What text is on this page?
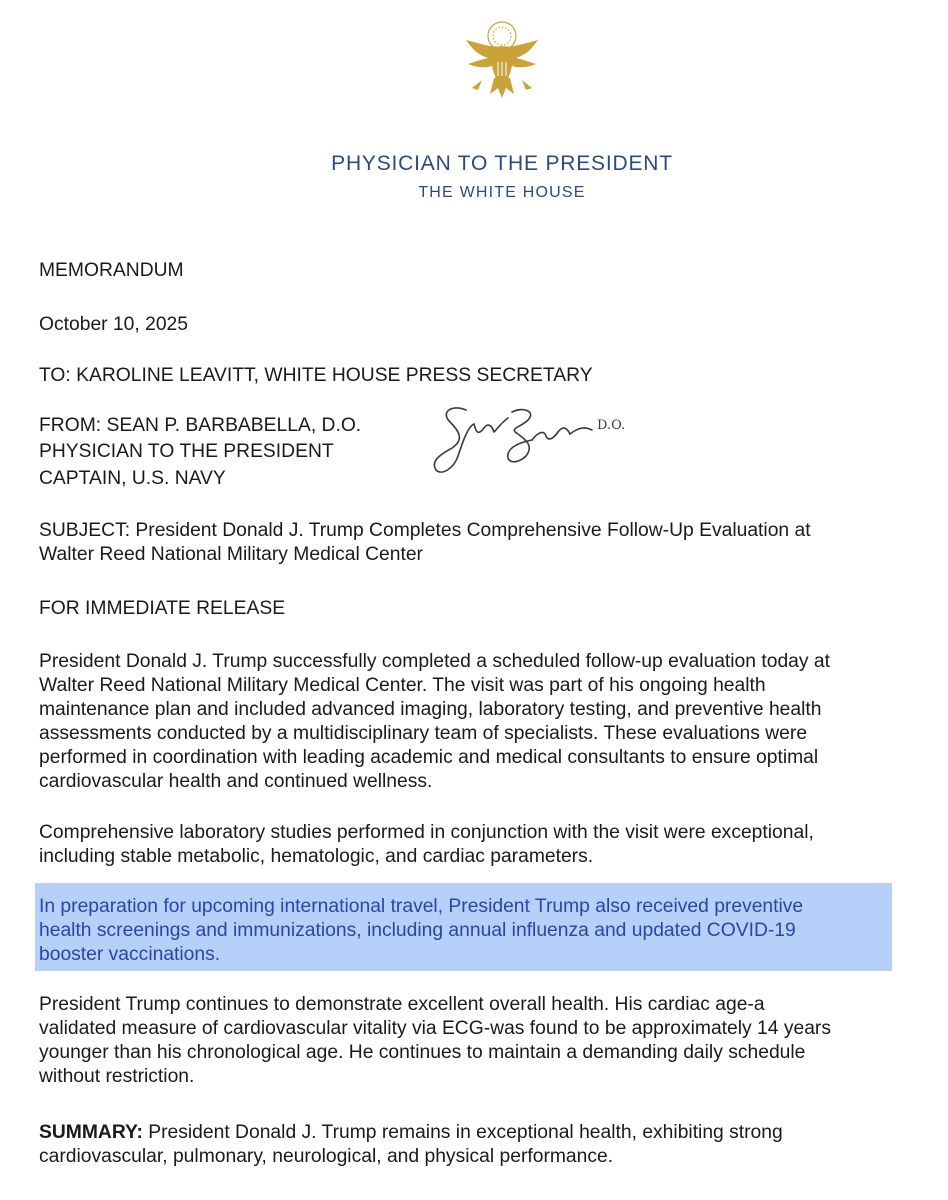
PHYSICIAN TO THE PRESIDENT
THE WHITE HOUSE
MEMORANDUM
October 10, 2025
TO: KAROLINE LEAVITT, WHITE HOUSE PRESS SECRETARY
FROM: SEAN P. BARBABELLA, D.O.
PHYSICIAN TO THE PRESIDENT
CAPTAIN, U.S. NAVY
D.O.
SUBJECT: President Donald J. Trump Completes Comprehensive Follow-Up Evaluation at
Walter Reed National Military Medical Center
FOR IMMEDIATE RELEASE
President Donald J. Trump successfully completed a scheduled follow-up evaluation today at
Walter Reed National Military Medical Center. The visit was part of his ongoing health
maintenance plan and included advanced imaging, laboratory testing, and preventive health
assessments conducted by a multidisciplinary team of specialists. These evaluations were
performed in coordination with leading academic and medical consultants to ensure optimal
cardiovascular health and continued wellness.
Comprehensive laboratory studies performed in conjunction with the visit were exceptional,
including stable metabolic, hematologic, and cardiac parameters.
In preparation for upcoming international travel, President Trump also received preventive
health screenings and immunizations, including annual influenza and updated COVID-19
booster vaccinations.
President Trump continues to demonstrate excellent overall health. His cardiac age-a
validated measure of cardiovascular vitality via ECG-was found to be approximately 14 years
younger than his chronological age. He continues to maintain a demanding daily schedule
without restriction.
SUMMARY: President Donald J. Trump remains in exceptional health, exhibiting strong
cardiovascular, pulmonary, neurological, and physical performance.
